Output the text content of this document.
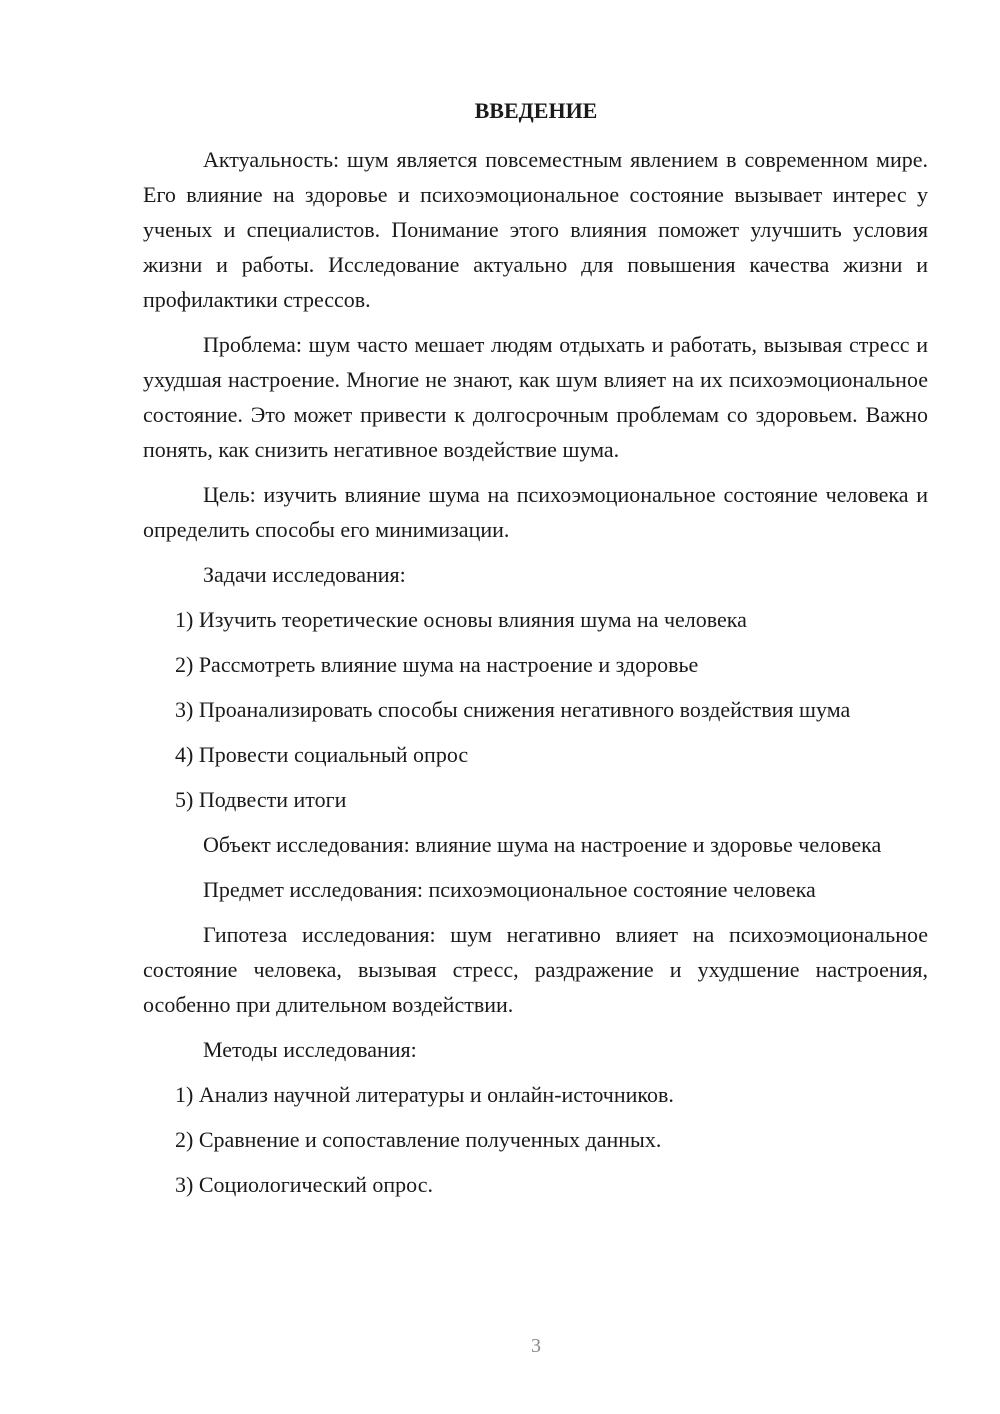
ВВЕДЕНИЕ

Актуальность: шум является повсеместным явлением в современном мире. Его влияние на здоровье и психоэмоциональное состояние вызывает интерес у ученых и специалистов. Понимание этого влияния поможет улучшить условия жизни и работы. Исследование актуально для повышения качества жизни и профилактики стрессов.

Проблема: шум часто мешает людям отдыхать и работать, вызывая стресс и ухудшая настроение. Многие не знают, как шум влияет на их психоэмоциональное состояние. Это может привести к долгосрочным проблемам со здоровьем. Важно понять, как снизить негативное воздействие шума.

Цель: изучить влияние шума на психоэмоциональное состояние человека и определить способы его минимизации.

Задачи исследования:

1) Изучить теоретические основы влияния шума на человека

2) Рассмотреть влияние шума на настроение и здоровье

3) Проанализировать способы снижения негативного воздействия шума

4) Провести социальный опрос

5) Подвести итоги

Объект исследования: влияние шума на настроение и здоровье человека

Предмет исследования: психоэмоциональное состояние человека

Гипотеза исследования: шум негативно влияет на психоэмоциональное состояние человека, вызывая стресс, раздражение и ухудшение настроения, особенно при длительном воздействии.

Методы исследования:

1) Анализ научной литературы и онлайн-источников.

2) Сравнение и сопоставление полученных данных.

3) Социологический опрос.

3
